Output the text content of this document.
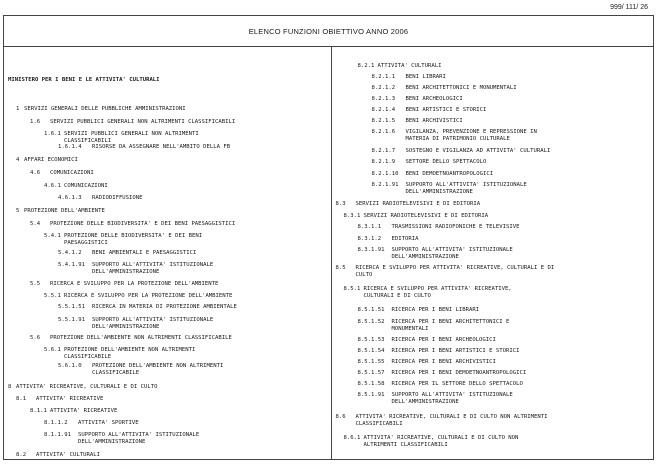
999/ 111/ 26
ELENCO FUNZIONI OBIETTIVO ANNO 2006
MINISTERO PER I BENI E LE ATTIVITA' CULTURALI
1 SERVIZI GENERALI DELLE PUBBLICHE AMMINISTRAZIONI
1.6 SERVIZI PUBBLICI GENERALI NON ALTRIMENTI CLASSIFICABILI
1.6.1 SERVIZI PUBBLICI GENERALI NON ALTRIMENTI
CLASSIFICABILI
1.6.1.4 RISORSE DA ASSEGNARE NELL'AMBITO DELLA FB
4 AFFARI ECONOMICI
4.6 COMUNICAZIONI
4.6.1 COMUNICAZIONI
4.6.1.3 RADIODIFFUSIONE
5 PROTEZIONE DELL'AMBIENTE
5.4 PROTEZIONE DELLE BIODIVERSITA' E DEI BENI PAESAGGISTICI
5.4.1 PROTEZIONE DELLE BIODIVERSITA' E DEI BENI
PAESAGGISTICI
5.4.1.2 BENI AMBIENTALI E PAESAGGISTICI
5.4.1.91 SUPPORTO ALL'ATTIVITA' ISTITUZIONALE
DELL'AMMINISTRAZIONE
5.5 RICERCA E SVILUPPO PER LA PROTEZIONE DELL'AMBIENTE
5.5.1 RICERCA E SVILUPPO PER LA PROTEZIONE DELL'AMBIENTE
5.5.1.51 RICERCA IN MATERIA DI PROTEZIONE AMBIENTALE
5.5.1.91 SUPPORTO ALL'ATTIVITA' ISTITUZIONALE
DELL'AMMINISTRAZIONE
5.6 PROTEZIONE DELL'AMBIENTE NON ALTRIMENTI CLASSIFICABILE
5.6.1 PROTEZIONE DELL'AMBIENTE NON ALTRIMENTI
CLASSIFICABILE
5.6.1.0 PROTEZIONE DELL'AMBIENTE NON ALTRIMENTI
CLASSIFICABILE
8 ATTIVITA' RICREATIVE, CULTURALI E DI CULTO
8.1 ATTIVITA' RICREATIVE
8.1.1 ATTIVITA' RICREATIVE
8.1.1.2 ATTIVITA' SPORTIVE
8.1.1.91 SUPPORTO ALL'ATTIVITA' ISTITUZIONALE
DELL'AMMINISTRAZIONE
8.2 ATTIVITA' CULTURALI
8.2.1 ATTIVITA' CULTURALI
8.2.1.1 BENI LIBRARI
8.2.1.2 BENI ARCHITETTONICI E MONUMENTALI
8.2.1.3 BENI ARCHEOLOGICI
8.2.1.4 BENI ARTISTICI E STORICI
8.2.1.5 BENI ARCHIVISTICI
8.2.1.6 VIGILANZA, PREVENZIONE E REPRESSIONE IN
MATERIA DI PATRIMONIO CULTURALE
8.2.1.7 SOSTEGNO E VIGILANZA AD ATTIVITA' CULTURALI
8.2.1.9 SETTORE DELLO SPETTACOLO
8.2.1.10 BENI DEMOETNOANTROPOLOGICI
8.2.1.91 SUPPORTO ALL'ATTIVITA' ISTITUZIONALE
DELL'AMMINISTRAZIONE
8.3 SERVIZI RADIOTELEVISIVI E DI EDITORIA
8.3.1 SERVIZI RADIOTELEVISIVI E DI EDITORIA
8.3.1.1 TRASMISSIONI RADIOFONICHE E TELEVISIVE
8.3.1.2 EDITORIA
8.3.1.91 SUPPORTO ALL'ATTIVITA' ISTITUZIONALE
DELL'AMMINISTRAZIONE
8.5 RICERCA E SVILUPPO PER ATTIVITA' RICREATIVE, CULTURALI E DI
CULTO
8.5.1 RICERCA E SVILUPPO PER ATTIVITA' RICREATIVE,
CULTURALI E DI CULTO
8.5.1.51 RICERCA PER I BENI LIBRARI
8.5.1.52 RICERCA PER I BENI ARCHITETTONICI E
MONUMENTALI
8.5.1.53 RICERCA PER I BENI ARCHEOLOGICI
8.5.1.54 RICERCA PER I BENI ARTISTICI E STORICI
8.5.1.55 RICERCA PER I BENI ARCHIVISTICI
8.5.1.57 RICERCA PER I BENI DEMOETNOANTROPOLOGICI
8.5.1.58 RICERCA PER IL SETTORE DELLO SPETTACOLO
8.5.1.91 SUPPORTO ALL'ATTIVITA' ISTITUZIONALE
DELL'AMMINISTRAZIONE
8.6 ATTIVITA' RICREATIVE, CULTURALI E DI CULTO NON ALTRIMENTI
CLASSIFICABILI
8.6.1 ATTIVITA' RICREATIVE, CULTURALI E DI CULTO NON
ALTRIMENTI CLASSIFICABILI
